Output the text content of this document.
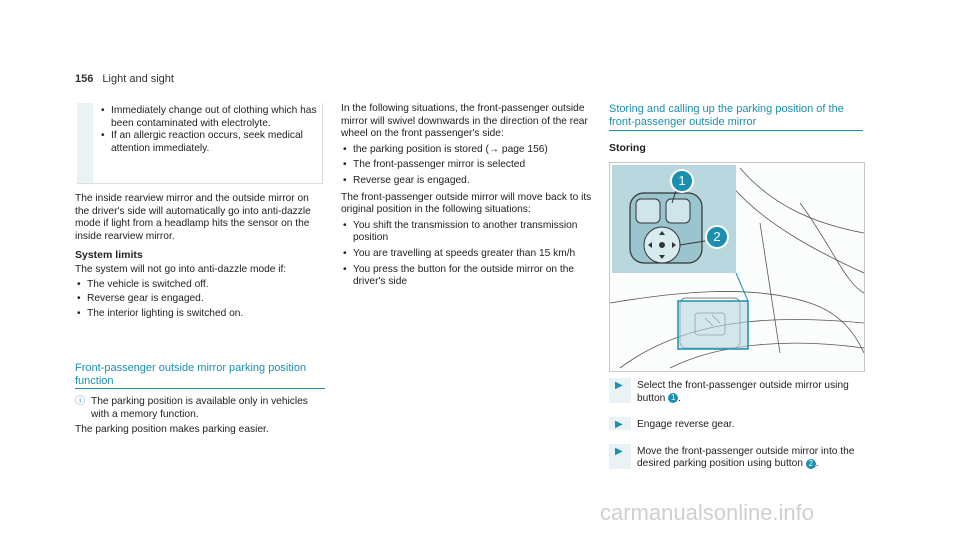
156 Light and sight
• Immediately change out of clothing which has been contaminated with electrolyte.
• If an allergic reaction occurs, seek medical attention immediately.
The inside rearview mirror and the outside mirror on the driver's side will automatically go into anti-dazzle mode if light from a headlamp hits the sensor on the inside rearview mirror.
System limits
The system will not go into anti-dazzle mode if:
• The vehicle is switched off.
• Reverse gear is engaged.
• The interior lighting is switched on.
Front-passenger outside mirror parking position function
ⓘ The parking position is available only in vehicles with a memory function.
The parking position makes parking easier.
In the following situations, the front-passenger outside mirror will swivel downwards in the direction of the rear wheel on the front passenger's side:
• the parking position is stored (→ page 156)
• The front-passenger mirror is selected
• Reverse gear is engaged.
The front-passenger outside mirror will move back to its original position in the following situations:
• You shift the transmission to another transmission position
• You are travelling at speeds greater than 15 km/h
• You press the button for the outside mirror on the driver's side
Storing and calling up the parking position of the front-passenger outside mirror
Storing
1
2
▶ Select the front-passenger outside mirror using button 1 .
▶ Engage reverse gear.
▶ Move the front-passenger outside mirror into the desired parking position using button 2 .
carmanualsonline.info
